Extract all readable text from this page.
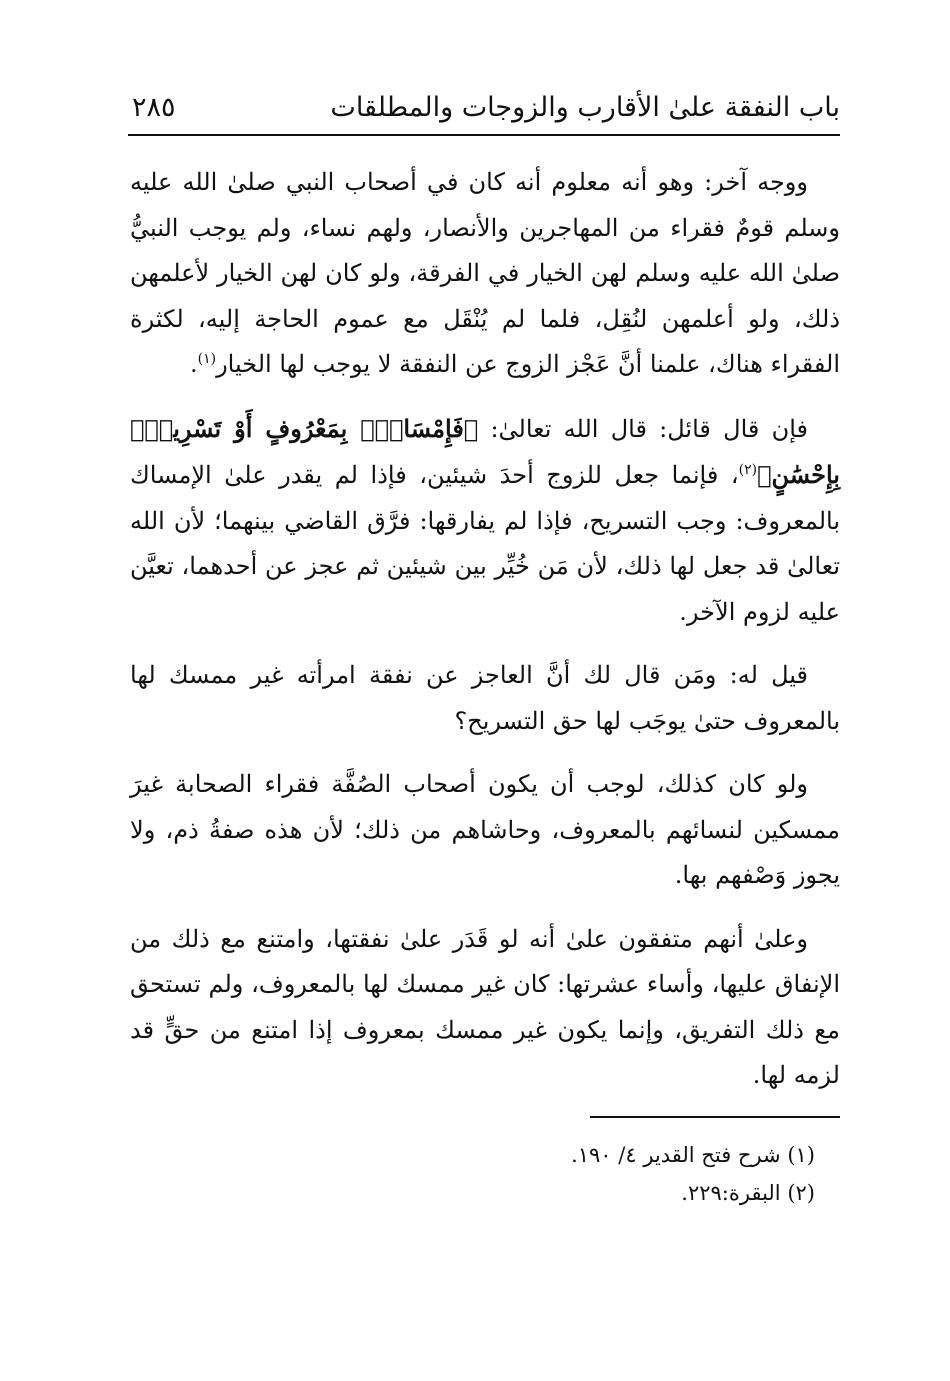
باب النفقة علىٰ الأقارب والزوجات والمطلقات
٢٨٥

ووجه آخر: وهو أنه معلوم أنه كان في أصحاب النبي صلىٰ الله عليه وسلم قومٌ فقراء من المهاجرين والأنصار، ولهم نساء، ولم يوجب النبيُّ صلىٰ الله عليه وسلم لهن الخيار في الفرقة، ولو كان لهن الخيار لأعلمهن ذلك، ولو أعلمهن لنُقِل، فلما لم يُنْقَل مع عموم الحاجة إليه، لكثرة الفقراء هناك، علمنا أنَّ عَجْز الزوج عن النفقة لا يوجب لها الخيار$^{(١)}$.

فإن قال قائل: قال الله تعالىٰ: ﴿فَإِمْسَاكٌۢ بِمَعْرُوفٍ أَوْ تَسْرِيحٌۢ بِإِحْسَٰنٍ﴾$^{(٢)}$، فإنما جعل للزوج أحدَ شيئين، فإذا لم يقدر علىٰ الإمساك بالمعروف: وجب التسريح، فإذا لم يفارقها: فرَّق القاضي بينهما؛ لأن الله تعالىٰ قد جعل لها ذلك، لأن مَن خُيِّر بين شيئين ثم عجز عن أحدهما، تعيَّن عليه لزوم الآخر.

قيل له: ومَن قال لك أنَّ العاجز عن نفقة امرأته غير ممسك لها بالمعروف حتىٰ يوجَب لها حق التسريح؟

ولو كان كذلك، لوجب أن يكون أصحاب الصُفَّة فقراء الصحابة غيرَ ممسكين لنسائهم بالمعروف، وحاشاهم من ذلك؛ لأن هذه صفةُ ذم، ولا يجوز وَصْفهم بها.

وعلىٰ أنهم متفقون علىٰ أنه لو قَدَر علىٰ نفقتها، وامتنع مع ذلك من الإنفاق عليها، وأساء عشرتها: كان غير ممسك لها بالمعروف، ولم تستحق مع ذلك التفريق، وإنما يكون غير ممسك بمعروف إذا امتنع من حقٍّ قد لزمه لها.

(١) شرح فتح القدير ٤/ ١٩٠.
(٢) البقرة:٢٢٩.
